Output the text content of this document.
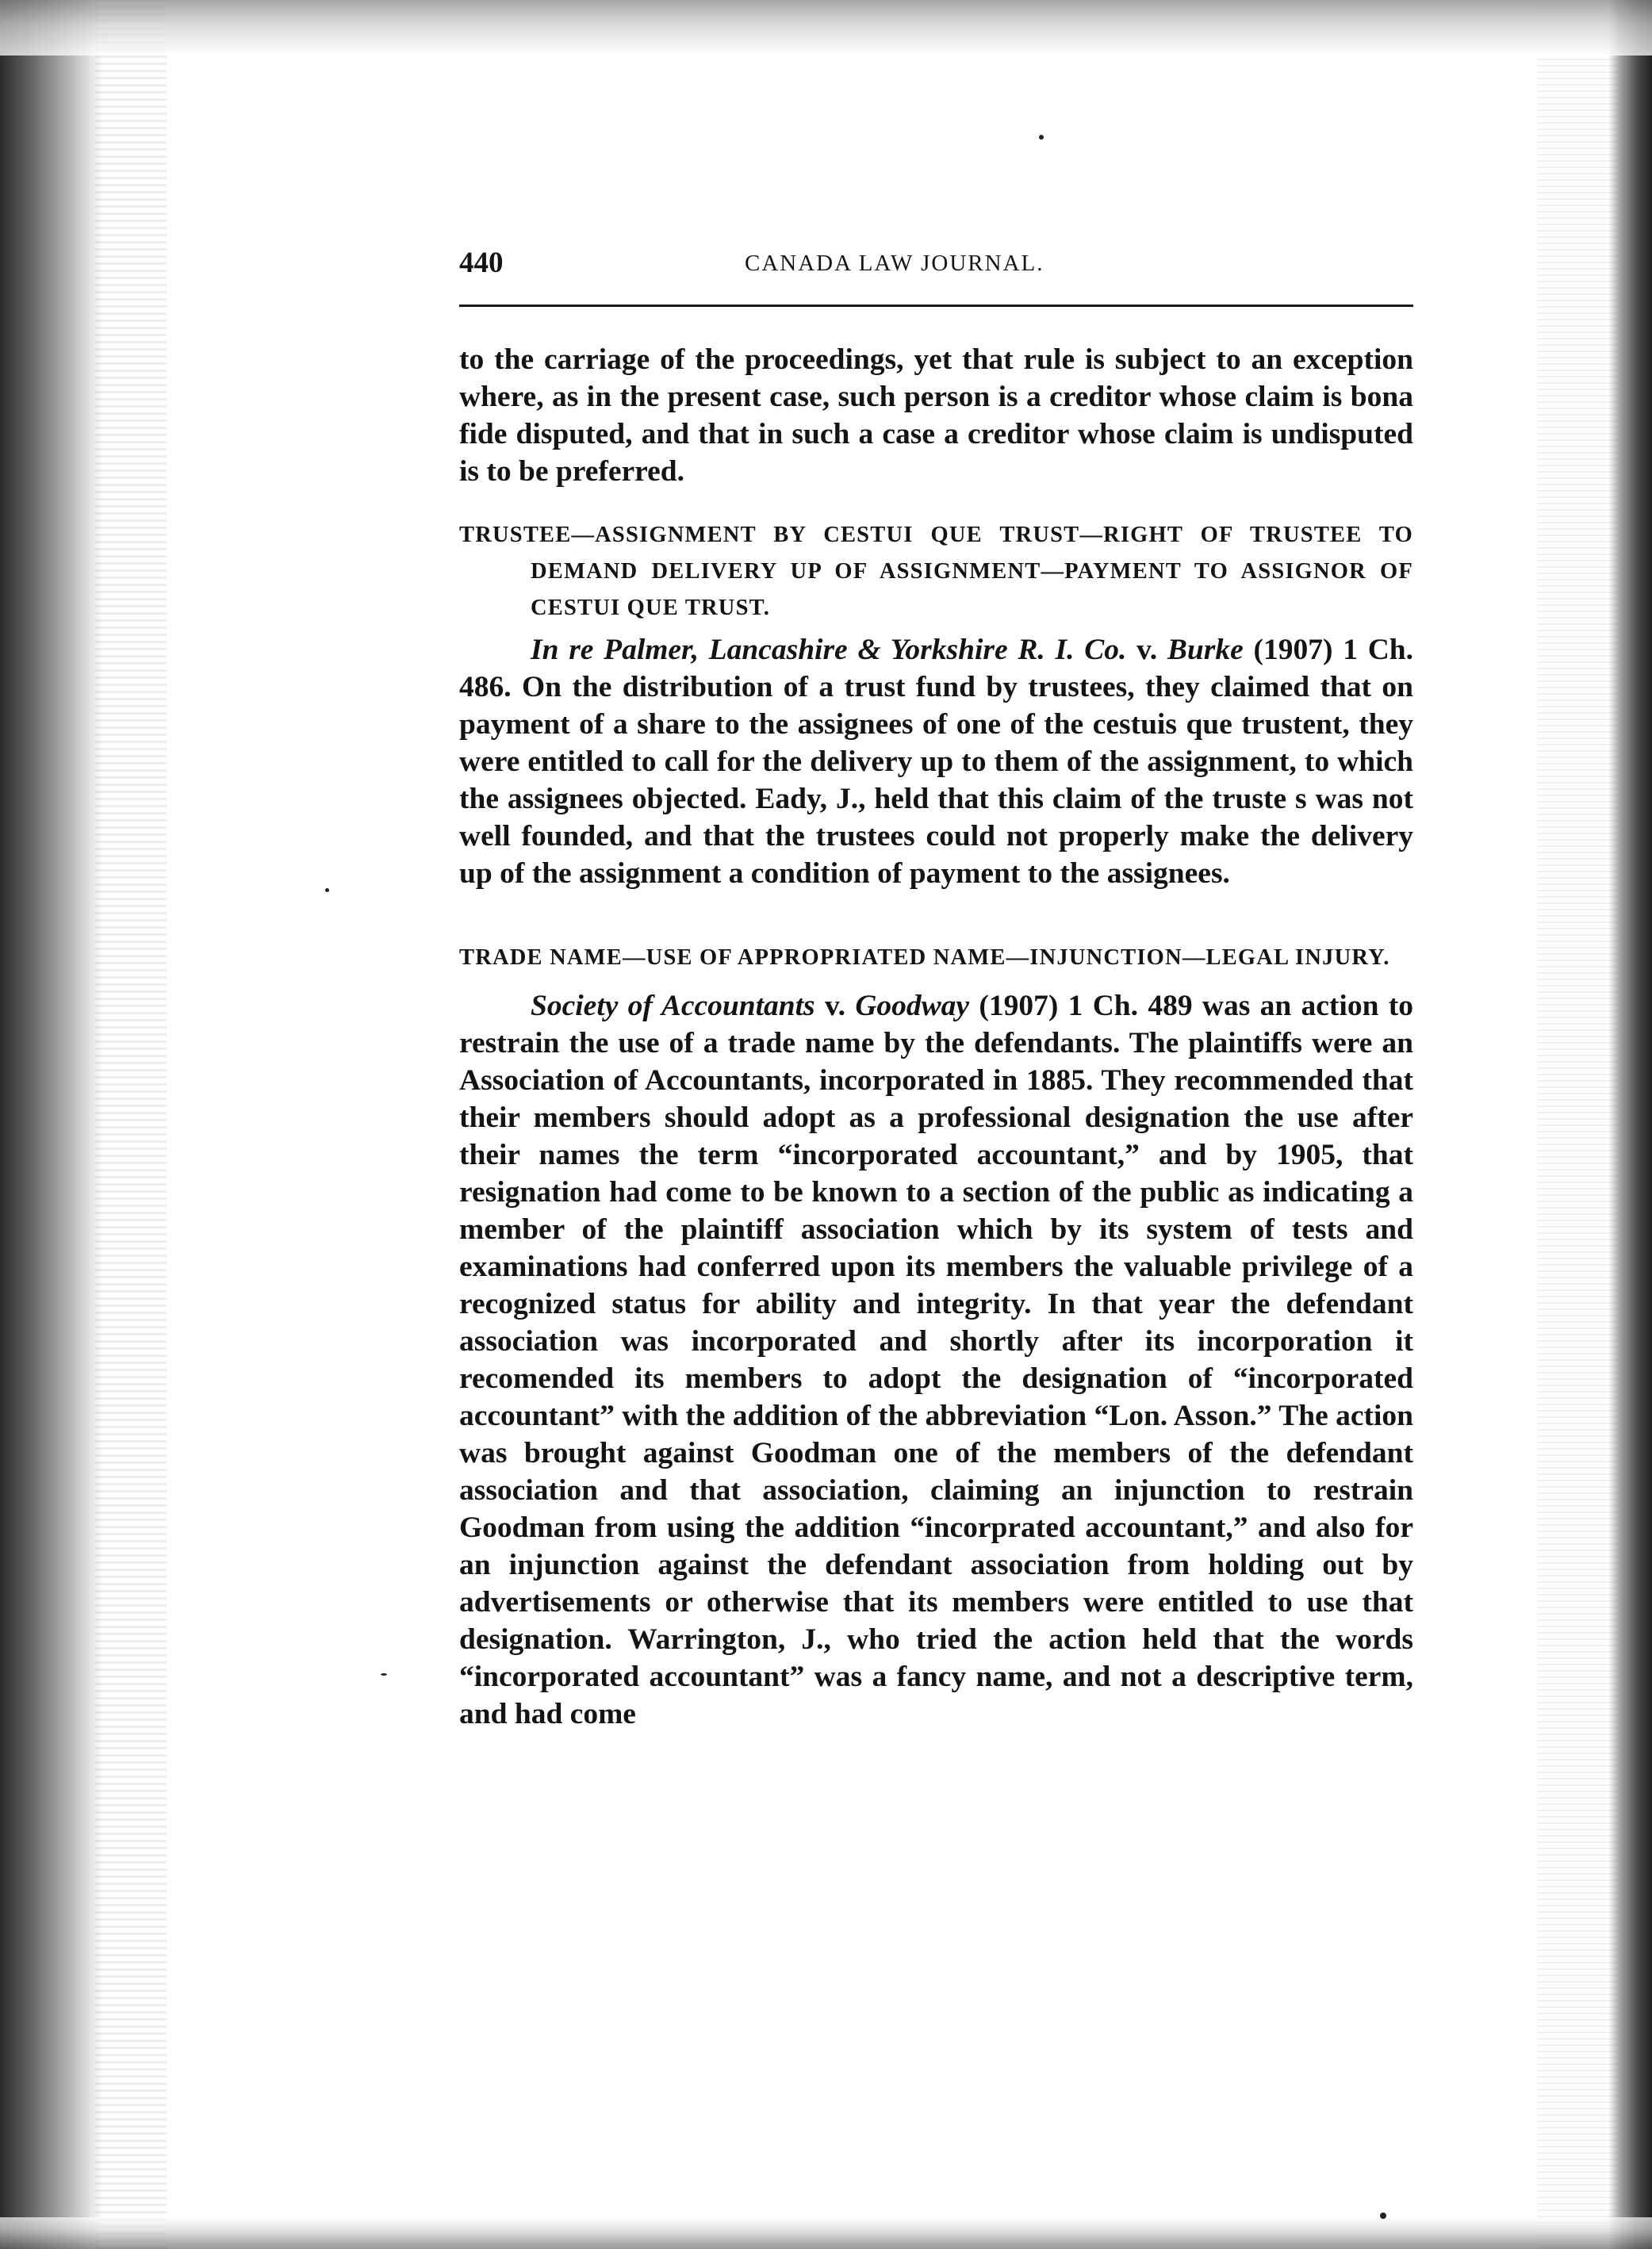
440	CANADA LAW JOURNAL.

to the carriage of the proceedings, yet that rule is subject to an exception where, as in the present case, such person is a creditor whose claim is bona fide disputed, and that in such a case a creditor whose claim is undisputed is to be preferred.

TRUSTEE—ASSIGNMENT BY CESTUI QUE TRUST—RIGHT OF TRUSTEE TO DEMAND DELIVERY UP OF ASSIGNMENT—PAYMENT TO ASSIGNOR OF CESTUI QUE TRUST.

In re Palmer, Lancashire & Yorkshire R. I. Co. v. Burke (1907) 1 Ch. 486. On the distribution of a trust fund by trustees, they claimed that on payment of a share to the assignees of one of the cestuis que trustent, they were entitled to call for the delivery up to them of the assignment, to which the assignees objected. Eady, J., held that this claim of the truste s was not well founded, and that the trustees could not properly make the delivery up of the assignment a condition of payment to the assignees.

TRADE NAME—USE OF APPROPRIATED NAME—INJUNCTION—LEGAL INJURY.

Society of Accountants v. Goodway (1907) 1 Ch. 489 was an action to restrain the use of a trade name by the defendants. The plaintiffs were an Association of Accountants, incorporated in 1885. They recommended that their members should adopt as a professional designation the use after their names the term “incorporated accountant,” and by 1905, that resignation had come to be known to a section of the public as indicating a member of the plaintiff association which by its system of tests and examinations had conferred upon its members the valuable privilege of a recognized status for ability and integrity. In that year the defendant association was incorporated and shortly after its incorporation it recomended its members to adopt the designation of “incorporated accountant” with the addition of the abbreviation “Lon. Asson.” The action was brought against Goodman one of the members of the defendant association and that association, claiming an injunction to restrain Goodman from using the addition “incorprated accountant,” and also for an injunction against the defendant association from holding out by advertisements or otherwise that its members were entitled to use that designation. Warrington, J., who tried the action held that the words “incorporated accountant” was a fancy name, and not a descriptive term, and had come
